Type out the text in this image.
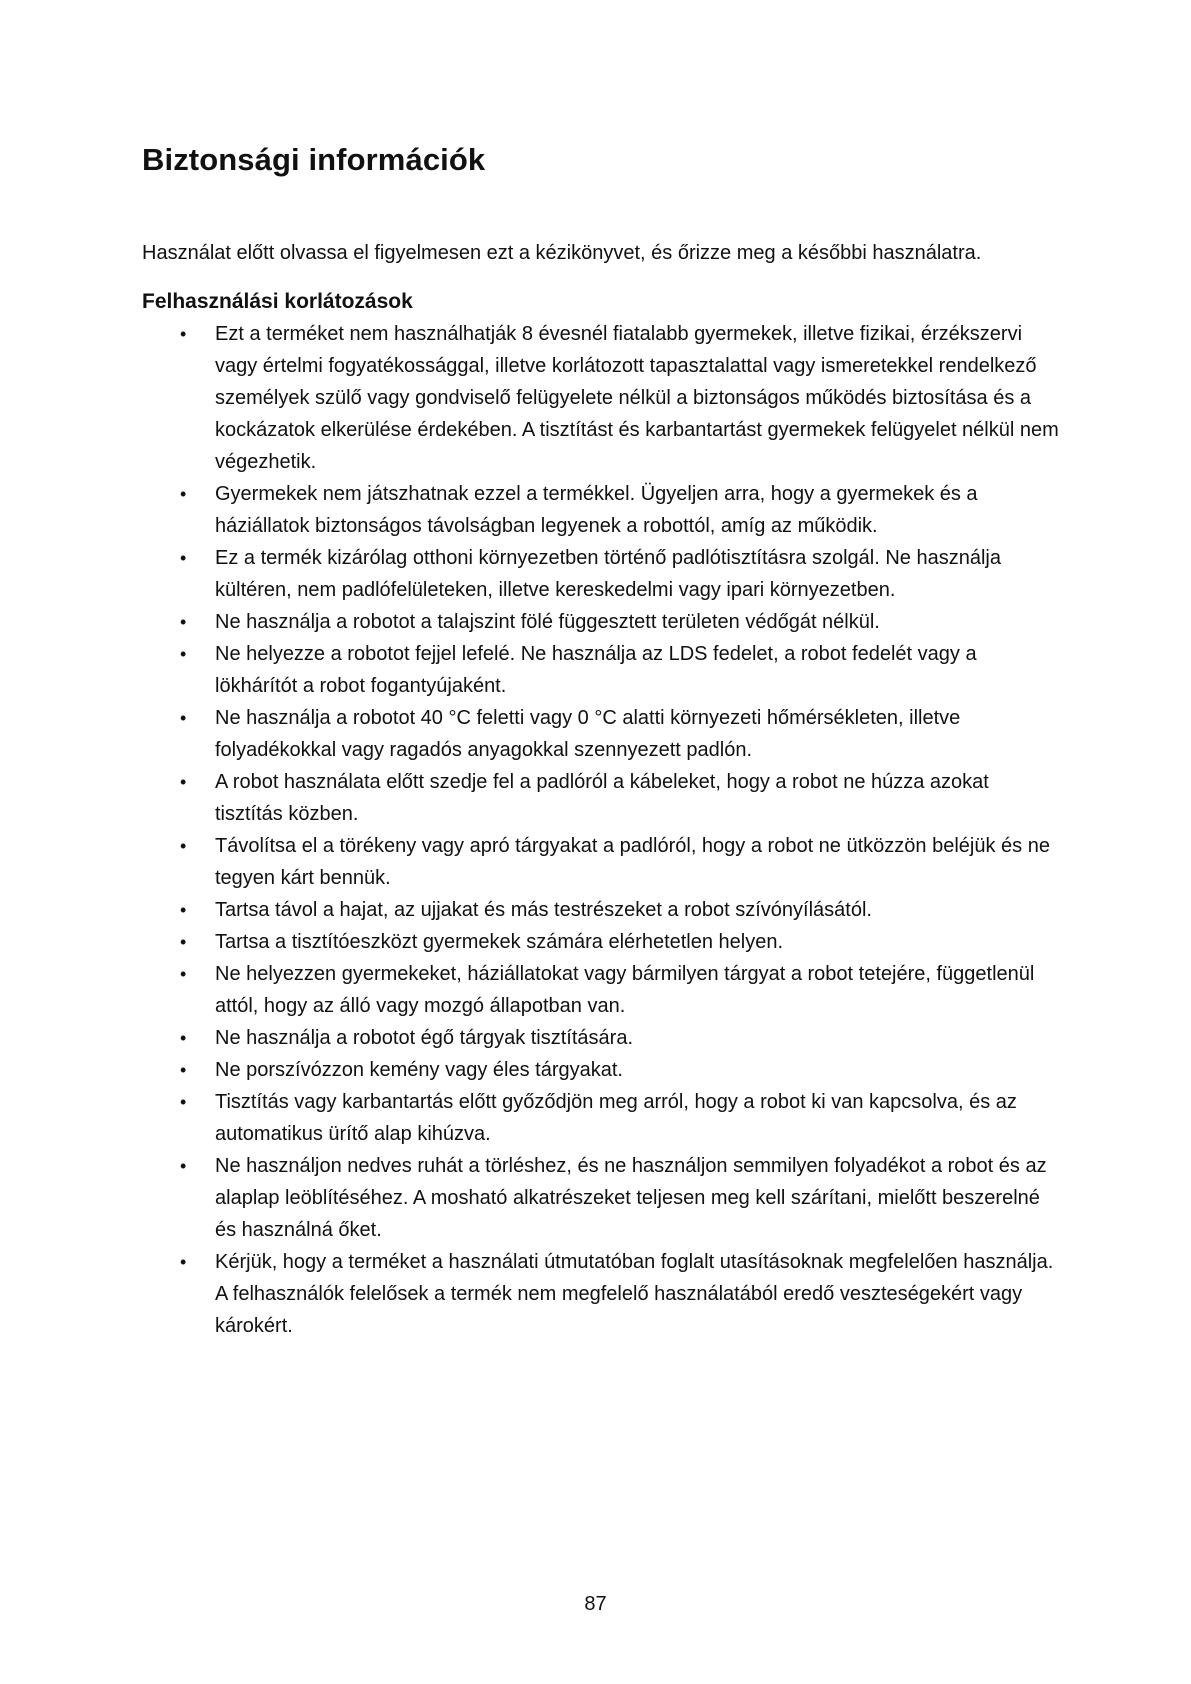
Biztonsági információk

Használat előtt olvassa el figyelmesen ezt a kézikönyvet, és őrizze meg a későbbi használatra.

Felhasználási korlátozások
•	Ezt a terméket nem használhatják 8 évesnél fiatalabb gyermekek, illetve fizikai, érzékszervi vagy értelmi fogyatékossággal, illetve korlátozott tapasztalattal vagy ismeretekkel rendelkező személyek szülő vagy gondviselő felügyelete nélkül a biztonságos működés biztosítása és a kockázatok elkerülése érdekében. A tisztítást és karbantartást gyermekek felügyelet nélkül nem végezhetik.
•	Gyermekek nem játszhatnak ezzel a termékkel. Ügyeljen arra, hogy a gyermekek és a háziállatok biztonságos távolságban legyenek a robottól, amíg az működik.
•	Ez a termék kizárólag otthoni környezetben történő padlótisztításra szolgál. Ne használja kültéren, nem padlófelületeken, illetve kereskedelmi vagy ipari környezetben.
•	Ne használja a robotot a talajszint fölé függesztett területen védőgát nélkül.
•	Ne helyezze a robotot fejjel lefelé. Ne használja az LDS fedelet, a robot fedelét vagy a lökhárítót a robot fogantyújaként.
•	Ne használja a robotot 40 °C feletti vagy 0 °C alatti környezeti hőmérsékleten, illetve folyadékokkal vagy ragadós anyagokkal szennyezett padlón.
•	A robot használata előtt szedje fel a padlóról a kábeleket, hogy a robot ne húzza azokat tisztítás közben.
•	Távolítsa el a törékeny vagy apró tárgyakat a padlóról, hogy a robot ne ütközzön beléjük és ne tegyen kárt bennük.
•	Tartsa távol a hajat, az ujjakat és más testrészeket a robot szívónyílásától.
•	Tartsa a tisztítóeszközt gyermekek számára elérhetetlen helyen.
•	Ne helyezzen gyermekeket, háziállatokat vagy bármilyen tárgyat a robot tetejére, függetlenül attól, hogy az álló vagy mozgó állapotban van.
•	Ne használja a robotot égő tárgyak tisztítására.
•	Ne porszívózzon kemény vagy éles tárgyakat.
•	Tisztítás vagy karbantartás előtt győződjön meg arról, hogy a robot ki van kapcsolva, és az automatikus ürítő alap kihúzva.
•	Ne használjon nedves ruhát a törléshez, és ne használjon semmilyen folyadékot a robot és az alaplap leöblítéséhez. A mosható alkatrészeket teljesen meg kell szárítani, mielőtt beszerelné és használná őket.
•	Kérjük, hogy a terméket a használati útmutatóban foglalt utasításoknak megfelelően használja. A felhasználók felelősek a termék nem megfelelő használatából eredő veszteségekért vagy károkért.
87
